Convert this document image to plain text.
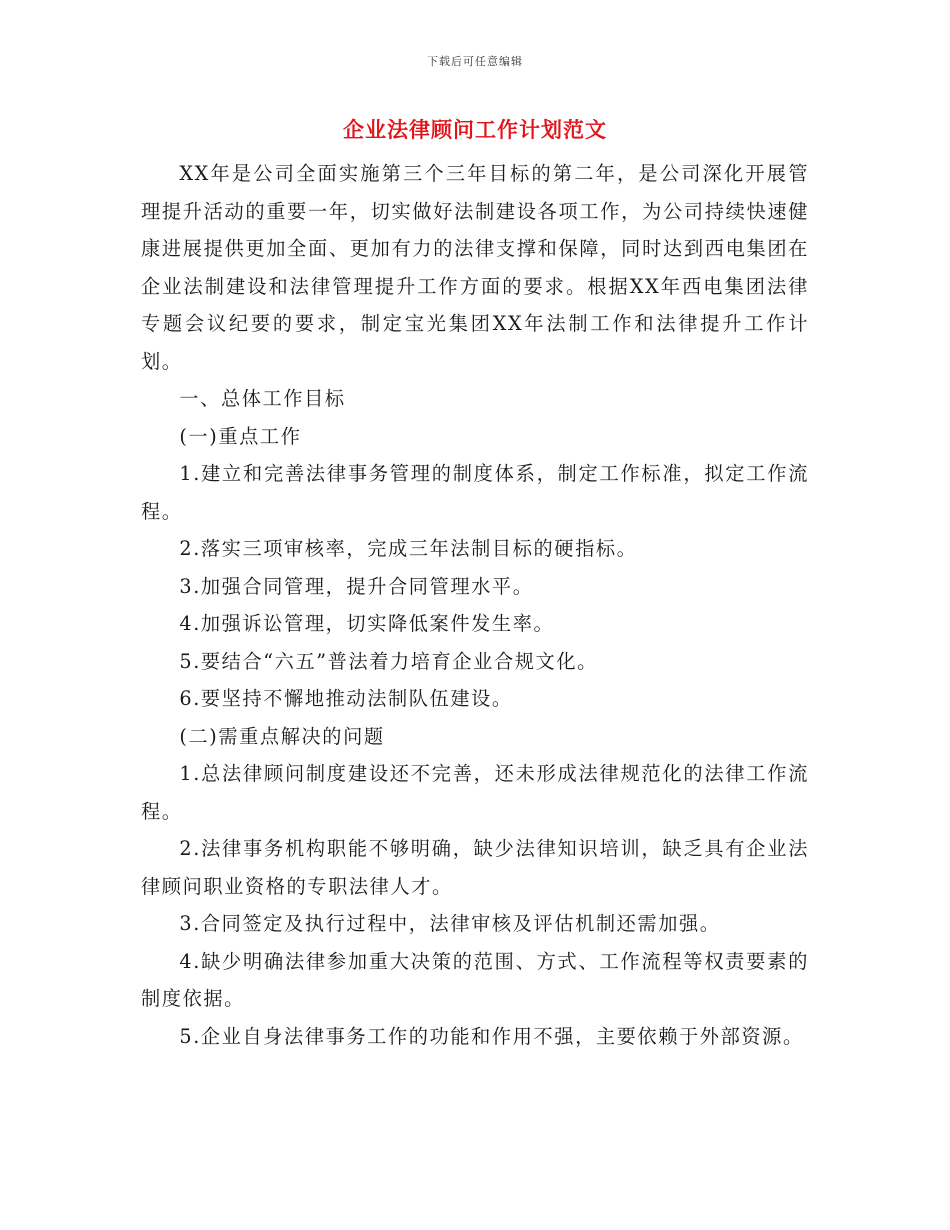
下载后可任意编辑
企业法律顾问工作计划范文

XX年是公司全面实施第三个三年目标的第二年，是公司深化开展管理提升活动的重要一年，切实做好法制建设各项工作，为公司持续快速健康进展提供更加全面、更加有力的法律支撑和保障，同时达到西电集团在企业法制建设和法律管理提升工作方面的要求。根据XX年西电集团法律专题会议纪要的要求，制定宝光集团XX年法制工作和法律提升工作计划。

一、总体工作目标

(一)重点工作

1.建立和完善法律事务管理的制度体系，制定工作标准，拟定工作流程。

2.落实三项审核率，完成三年法制目标的硬指标。

3.加强合同管理，提升合同管理水平。

4.加强诉讼管理，切实降低案件发生率。

5.要结合“六五”普法着力培育企业合规文化。

6.要坚持不懈地推动法制队伍建设。

(二)需重点解决的问题

1.总法律顾问制度建设还不完善，还未形成法律规范化的法律工作流程。

2.法律事务机构职能不够明确，缺少法律知识培训，缺乏具有企业法律顾问职业资格的专职法律人才。

3.合同签定及执行过程中，法律审核及评估机制还需加强。

4.缺少明确法律参加重大决策的范围、方式、工作流程等权责要素的制度依据。

5.企业自身法律事务工作的功能和作用不强，主要依赖于外部资源。
